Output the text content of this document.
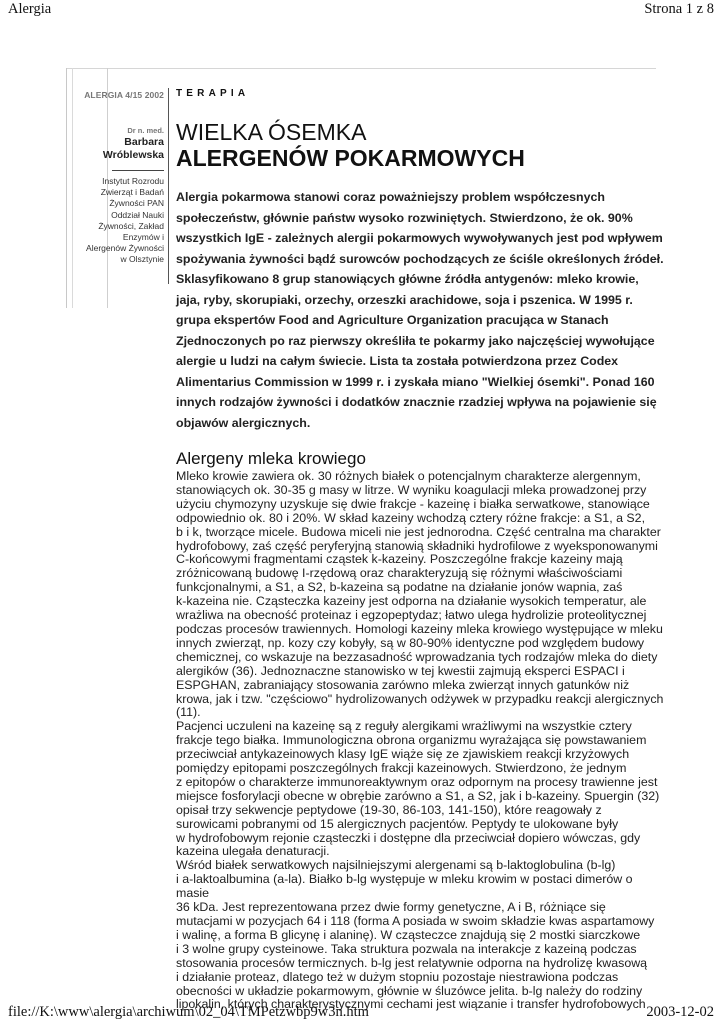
Alergia	Strona 1 z 8
ALERGIA 4/15 2002
Dr n. med.
Barbara
Wróblewska
Instytut Rozrodu
Zwierząt i Badań
Żywności PAN
Oddział Nauki
Żywności, Zakład
Enzymów i
Alergenów Żywności
w Olsztynie
TERAPIA
WIELKA ÓSEMKA
ALERGENÓW POKARMOWYCH

Alergia pokarmowa stanowi coraz poważniejszy problem współczesnych
społeczeństw, głównie państw wysoko rozwiniętych. Stwierdzono, że ok. 90%
wszystkich IgE - zależnych alergii pokarmowych wywoływanych jest pod wpływem
spożywania żywności bądź surowców pochodzących ze ściśle określonych źródeł.
Sklasyfikowano 8 grup stanowiących główne źródła antygenów: mleko krowie,
jaja, ryby, skorupiaki, orzechy, orzeszki arachidowe, soja i pszenica. W 1995 r.
grupa ekspertów Food and Agriculture Organization pracująca w Stanach
Zjednoczonych po raz pierwszy określiła te pokarmy jako najczęściej wywołujące
alergie u ludzi na całym świecie. Lista ta została potwierdzona przez Codex
Alimentarius Commission w 1999 r. i zyskała miano "Wielkiej ósemki". Ponad 160
innych rodzajów żywności i dodatków znacznie rzadziej wpływa na pojawienie się
objawów alergicznych.

Alergeny mleka krowiego

Mleko krowie zawiera ok. 30 różnych białek o potencjalnym charakterze alergennym,
stanowiących ok. 30-35 g masy w litrze. W wyniku koagulacji mleka prowadzonej przy
użyciu chymozyny uzyskuje się dwie frakcje - kazeinę i białka serwatkowe, stanowiące
odpowiednio ok. 80 i 20%. W skład kazeiny wchodzą cztery różne frakcje: a S1, a S2,
b i k, tworzące micele. Budowa miceli nie jest jednorodna. Część centralna ma charakter
hydrofobowy, zaś część peryferyjną stanowią składniki hydrofilowe z wyeksponowanymi
C-końcowymi fragmentami cząstek k-kazeiny. Poszczególne frakcje kazeiny mają
zróżnicowaną budowę I-rzędową oraz charakteryzują się różnymi właściwościami
funkcjonalnymi, a S1, a S2, b-kazeina są podatne na działanie jonów wapnia, zaś
k-kazeina nie. Cząsteczka kazeiny jest odporna na działanie wysokich temperatur, ale
wrażliwa na obecność proteinaz i egzopeptydaz; łatwo ulega hydrolizie proteolitycznej
podczas procesów trawiennych. Homologi kazeiny mleka krowiego występujące w mleku
innych zwierząt, np. kozy czy kobyły, są w 80-90% identyczne pod względem budowy
chemicznej, co wskazuje na bezzasadność wprowadzania tych rodzajów mleka do diety
alergików (36). Jednoznaczne stanowisko w tej kwestii zajmują eksperci ESPACI i
ESPGHAN, zabraniający stosowania zarówno mleka zwierząt innych gatunków niż
krowa, jak i tzw. "częściowo" hydrolizowanych odżywek w przypadku reakcji alergicznych
(11).
Pacjenci uczuleni na kazeinę są z reguły alergikami wrażliwymi na wszystkie cztery
frakcje tego białka. Immunologiczna obrona organizmu wyrażająca się powstawaniem
przeciwciał antykazeinowych klasy IgE wiąże się ze zjawiskiem reakcji krzyżowych
pomiędzy epitopami poszczególnych frakcji kazeinowych. Stwierdzono, że jednym
z epitopów o charakterze immunoreaktywnym oraz odpornym na procesy trawienne jest
miejsce fosforylacji obecne w obrębie zarówno a S1, a S2, jak i b-kazeiny. Spuergin (32)
opisał trzy sekwencje peptydowe (19-30, 86-103, 141-150), które reagowały z
surowicami pobranymi od 15 alergicznych pacjentów. Peptydy te ulokowane były
w hydrofobowym rejonie cząsteczki i dostępne dla przeciwciał dopiero wówczas, gdy
kazeina ulegała denaturacji.
Wśród białek serwatkowych najsilniejszymi alergenami są b-laktoglobulina (b-lg)
i a-laktoalbumina (a-la). Białko b-lg występuje w mleku krowim w postaci dimerów o masie
36 kDa. Jest reprezentowana przez dwie formy genetyczne, A i B, różniące się
mutacjami w pozycjach 64 i 118 (forma A posiada w swoim składzie kwas aspartamowy
i walinę, a forma B glicynę i alaninę). W cząsteczce znajdują się 2 mostki siarczkowe
i 3 wolne grupy cysteinowe. Taka struktura pozwala na interakcje z kazeiną podczas
stosowania procesów termicznych. b-lg jest relatywnie odporna na hydrolizę kwasową
i działanie proteaz, dlatego też w dużym stopniu pozostaje niestrawiona podczas
obecności w układzie pokarmowym, głównie w śluzówce jelita. b-lg należy do rodziny
lipokalin, których charakterystycznymi cechami jest wiązanie i transfer hydrofobowych

file://K:\www\alergia\archiwum\02_04\TMPetzwbp9w3n.htm	2003-12-02
